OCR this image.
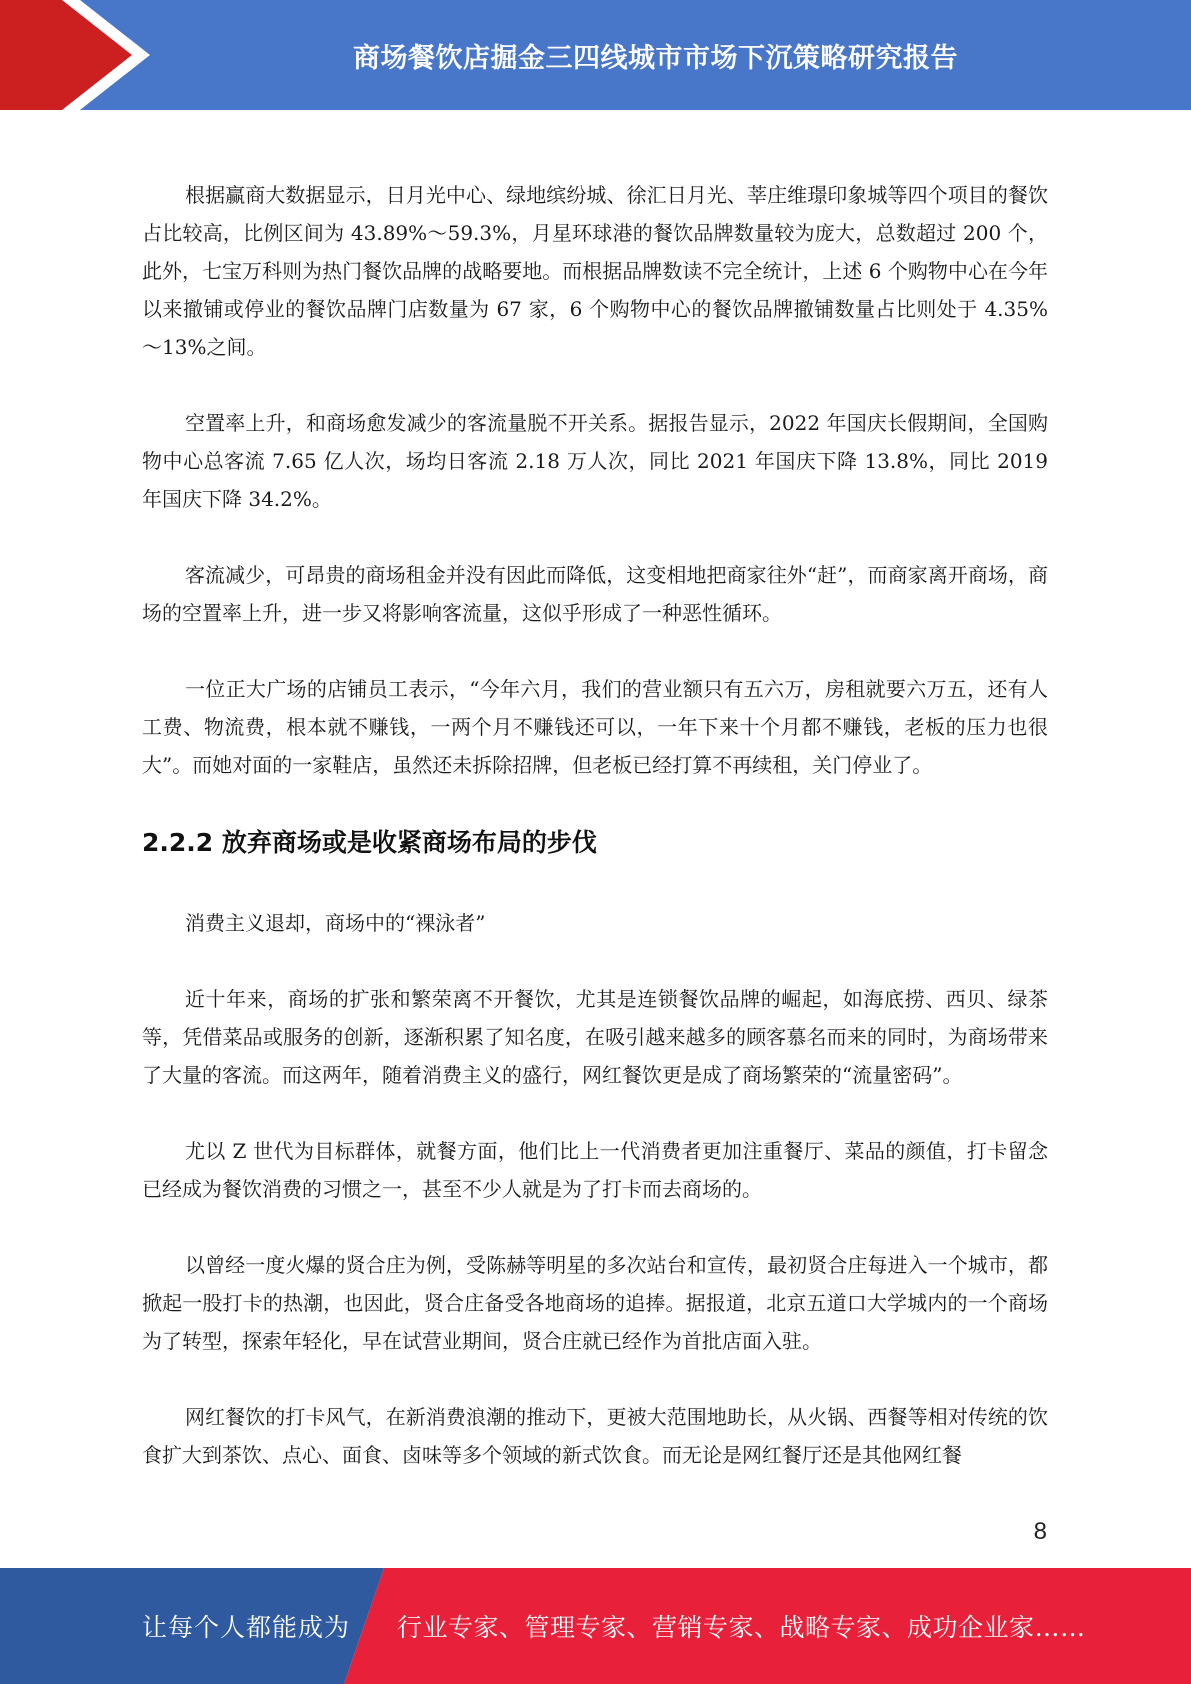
商场餐饮店掘金三四线城市市场下沉策略研究报告

根据赢商大数据显示，日月光中心、绿地缤纷城、徐汇日月光、莘庄维璟印象城等四个项目的餐饮占比较高，比例区间为 43.89%～59.3%，月星环球港的餐饮品牌数量较为庞大，总数超过 200 个，此外，七宝万科则为热门餐饮品牌的战略要地。而根据品牌数读不完全统计，上述 6 个购物中心在今年以来撤铺或停业的餐饮品牌门店数量为 67 家，6 个购物中心的餐饮品牌撤铺数量占比则处于 4.35%～13%之间。

空置率上升，和商场愈发减少的客流量脱不开关系。据报告显示，2022 年国庆长假期间，全国购物中心总客流 7.65 亿人次，场均日客流 2.18 万人次，同比 2021 年国庆下降 13.8%，同比 2019 年国庆下降 34.2%。

客流减少，可昂贵的商场租金并没有因此而降低，这变相地把商家往外“赶”，而商家离开商场，商场的空置率上升，进一步又将影响客流量，这似乎形成了一种恶性循环。

一位正大广场的店铺员工表示，“今年六月，我们的营业额只有五六万，房租就要六万五，还有人工费、物流费，根本就不赚钱，一两个月不赚钱还可以，一年下来十个月都不赚钱，老板的压力也很大”。而她对面的一家鞋店，虽然还未拆除招牌，但老板已经打算不再续租，关门停业了。

2.2.2 放弃商场或是收紧商场布局的步伐

消费主义退却，商场中的“裸泳者”

近十年来，商场的扩张和繁荣离不开餐饮，尤其是连锁餐饮品牌的崛起，如海底捞、西贝、绿茶等，凭借菜品或服务的创新，逐渐积累了知名度，在吸引越来越多的顾客慕名而来的同时，为商场带来了大量的客流。而这两年，随着消费主义的盛行，网红餐饮更是成了商场繁荣的“流量密码”。

尤以 Z 世代为目标群体，就餐方面，他们比上一代消费者更加注重餐厅、菜品的颜值，打卡留念已经成为餐饮消费的习惯之一，甚至不少人就是为了打卡而去商场的。

以曾经一度火爆的贤合庄为例，受陈赫等明星的多次站台和宣传，最初贤合庄每进入一个城市，都掀起一股打卡的热潮，也因此，贤合庄备受各地商场的追捧。据报道，北京五道口大学城内的一个商场为了转型，探索年轻化，早在试营业期间，贤合庄就已经作为首批店面入驻。

网红餐饮的打卡风气，在新消费浪潮的推动下，更被大范围地助长，从火锅、西餐等相对传统的饮食扩大到茶饮、点心、面食、卤味等多个领域的新式饮食。而无论是网红餐厅还是其他网红餐

8
让每个人都能成为 行业专家、管理专家、营销专家、战略专家、成功企业家……
